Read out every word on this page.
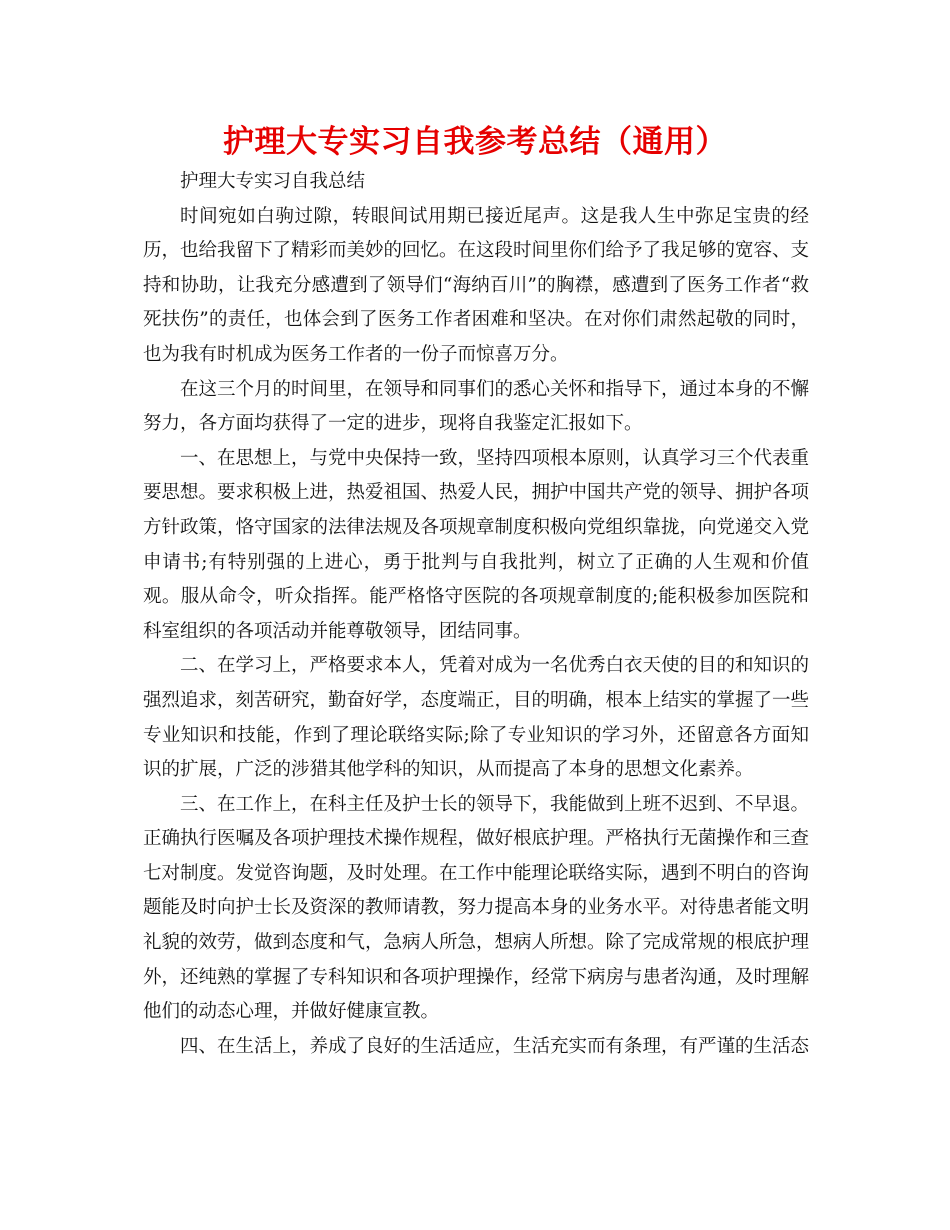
护理大专实习自我参考总结（通用）

护理大专实习自我总结

时间宛如白驹过隙，转眼间试用期已接近尾声。这是我人生中弥足宝贵的经历，也给我留下了精彩而美妙的回忆。在这段时间里你们给予了我足够的宽容、支持和协助，让我充分感遭到了领导们“海纳百川”的胸襟，感遭到了医务工作者“救死扶伤”的责任，也体会到了医务工作者困难和坚决。在对你们肃然起敬的同时，也为我有时机成为医务工作者的一份子而惊喜万分。

在这三个月的时间里，在领导和同事们的悉心关怀和指导下，通过本身的不懈努力，各方面均获得了一定的进步，现将自我鉴定汇报如下。

一、在思想上，与党中央保持一致，坚持四项根本原则，认真学习三个代表重要思想。要求积极上进，热爱祖国、热爱人民，拥护中国共产党的领导、拥护各项方针政策，恪守国家的法律法规及各项规章制度积极向党组织靠拢，向党递交入党申请书;有特别强的上进心，勇于批判与自我批判，树立了正确的人生观和价值观。服从命令，听众指挥。能严格恪守医院的各项规章制度的;能积极参加医院和科室组织的各项活动并能尊敬领导，团结同事。

二、在学习上，严格要求本人，凭着对成为一名优秀白衣天使的目的和知识的强烈追求，刻苦研究，勤奋好学，态度端正，目的明确，根本上结实的掌握了一些专业知识和技能，作到了理论联络实际;除了专业知识的学习外，还留意各方面知识的扩展，广泛的涉猎其他学科的知识，从而提高了本身的思想文化素养。

三、在工作上，在科主任及护士长的领导下，我能做到上班不迟到、不早退。正确执行医嘱及各项护理技术操作规程，做好根底护理。严格执行无菌操作和三查七对制度。发觉咨询题，及时处理。在工作中能理论联络实际，遇到不明白的咨询题能及时向护士长及资深的教师请教，努力提高本身的业务水平。对待患者能文明礼貌的效劳，做到态度和气，急病人所急，想病人所想。除了完成常规的根底护理外，还纯熟的掌握了专科知识和各项护理操作，经常下病房与患者沟通，及时理解他们的动态心理，并做好健康宣教。

四、在生活上，养成了良好的生活适应，生活充实而有条理，有严谨的生活态
